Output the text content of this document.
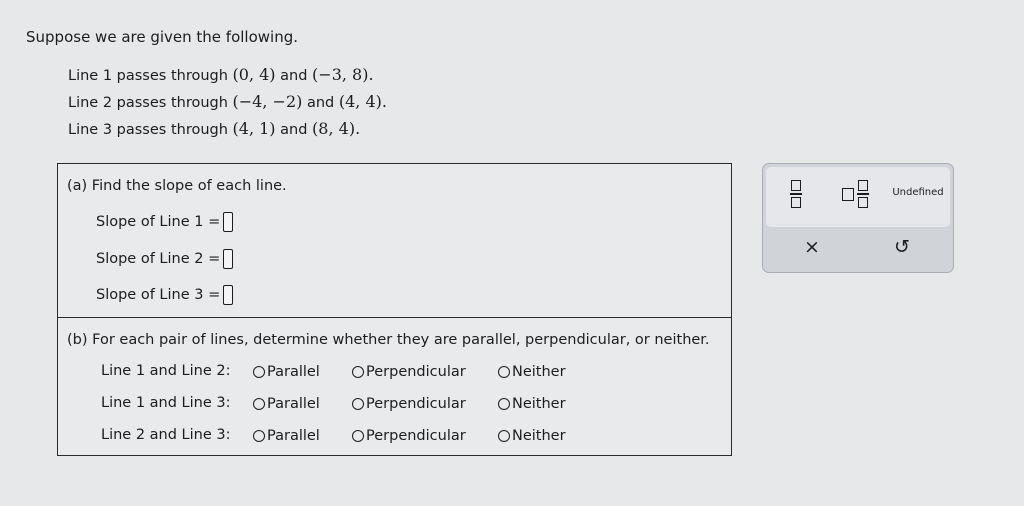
Suppose we are given the following.
Line 1 passes through (0, 4) and (−3, 8).
Line 2 passes through (−4, −2) and (4, 4).
Line 3 passes through (4, 1) and (8, 4).
(a) Find the slope of each line.
Slope of Line 1 =
Slope of Line 2 =
Slope of Line 3 =
(b) For each pair of lines, determine whether they are parallel, perpendicular, or neither.
Line 1 and Line 2:	Parallel	Perpendicular	Neither
Line 1 and Line 3:	Parallel	Perpendicular	Neither
Line 2 and Line 3:	Parallel	Perpendicular	Neither
Undefined
×	↺
